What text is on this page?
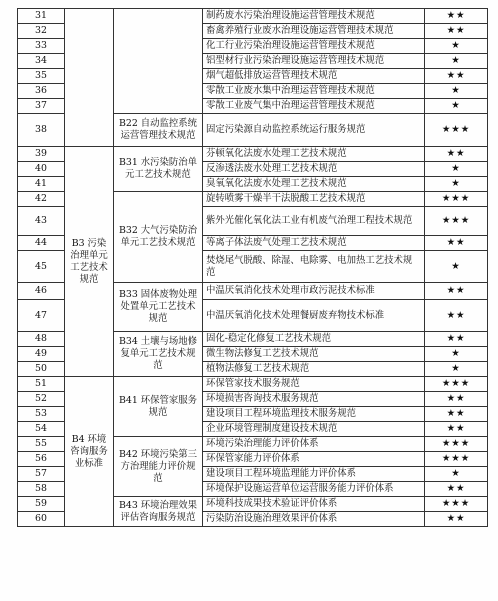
31			制药废水污染治理设施运营管理技术规范	★★
32			畜禽养殖行业废水治理设施运营管理技术规范	★★
33			化工行业污染治理设施运营管理技术规范	★
34			铝型材行业污染治理设施运营管理技术规范	★
35			烟气超低排放运营管理技术规范	★★
36			零散工业废水集中治理运营管理技术规范	★
37			零散工业废气集中治理运营管理技术规范	★
38		B22 自动监控系统运营管理技术规范	固定污染源自动监控系统运行服务规范	★★★
39	B3 污染治理单元工艺技术规范	B31 水污染防治单元工艺技术规范	芬顿氧化法废水处理工艺技术规范	★★
40			反渗透法废水处理工艺技术规范	★
41			臭氧氧化法废水处理工艺技术规范	★
42		B32 大气污染防治单元工艺技术规范	旋转喷雾干燥半干法脱酸工艺技术规范	★★★
43			紫外光催化氧化法工业有机废气治理工程技术规范	★★★
44			等离子体法废气处理工艺技术规范	★★
45			焚烧尾气脱酸、除湿、电除雾、电加热工艺技术规范	★
46		B33 固体废物处理处置单元工艺技术规范	中温厌氧消化技术处理市政污泥技术标准	★★
47			中温厌氧消化技术处理餐厨废弃物技术标准	★★
48		B34 土壤与场地修复单元工艺技术规范	固化-稳定化修复工艺技术规范	★★
49			微生物法修复工艺技术规范	★
50			植物法修复工艺技术规范	★
51	B4 环境咨询服务业标准	B41 环保管家服务规范	环保管家技术服务规范	★★★
52			环境损害咨询技术服务规范	★★
53			建设项目工程环境监理技术服务规范	★★
54			企业环境管理制度建设技术规范	★★
55		B42 环境污染第三方治理能力评价规范	环境污染治理能力评价体系	★★★
56			环保管家能力评价体系	★★★
57			建设项目工程环境监理能力评价体系	★
58			环境保护设施运营单位运营服务能力评价体系	★★
59		B43 环境治理效果评估咨询服务规范	环境科技成果技术验证评价体系	★★★
60			污染防治设施治理效果评价体系	★★
